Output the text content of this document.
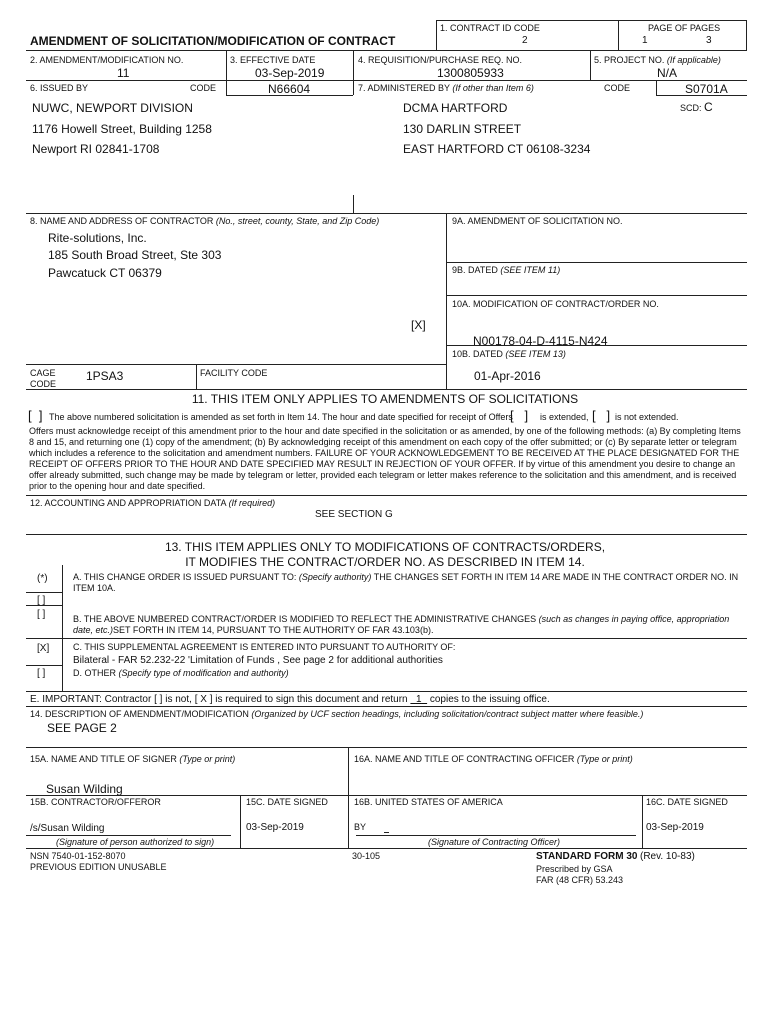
AMENDMENT OF SOLICITATION/MODIFICATION OF CONTRACT
1. CONTRACT ID CODE
2
PAGE OF PAGES
1	3
2. AMENDMENT/MODIFICATION NO.
11
3. EFFECTIVE DATE
03-Sep-2019
4. REQUISITION/PURCHASE REQ. NO.
1300805933
5. PROJECT NO. (If applicable)
N/A
6. ISSUED BY	CODE	N66604	7. ADMINISTERED BY (If other than Item 6)	CODE	S0701A
SCD: C
NUWC, NEWPORT DIVISION
1176 Howell Street, Building 1258
Newport RI 02841-1708
DCMA HARTFORD
130 DARLIN STREET
EAST HARTFORD CT 06108-3234
8. NAME AND ADDRESS OF CONTRACTOR (No., street, county, State, and Zip Code)
Rite-solutions, Inc.
185 South Broad Street, Ste 303
Pawcatuck CT 06379
CAGE
CODE
1PSA3	FACILITY CODE
9A. AMENDMENT OF SOLICITATION NO.
9B. DATED (SEE ITEM 11)
10A. MODIFICATION OF CONTRACT/ORDER NO.
[X]
N00178-04-D-4115-N424
10B. DATED (SEE ITEM 13)
01-Apr-2016
11. THIS ITEM ONLY APPLIES TO AMENDMENTS OF SOLICITATIONS
[  ] The above numbered solicitation is amended as set forth in Item 14. The hour and date specified for receipt of Offers
[   ] is extended, [   ] is not extended.
Offers must acknowledge receipt of this amendment prior to the hour and date specified in the solicitation or as amended, by one of the following methods: (a) By completing Items 8 and 15, and returning one (1) copy of the amendment; (b) By acknowledging receipt of this amendment on each copy of the offer submitted; or (c) By separate letter or telegram which includes a reference to the solicitation and amendment numbers. FAILURE OF YOUR ACKNOWLEDGEMENT TO BE RECEIVED AT THE PLACE DESIGNATED FOR THE RECEIPT OF OFFERS PRIOR TO THE HOUR AND DATE SPECIFIED MAY RESULT IN REJECTION OF YOUR OFFER. If by virtue of this amendment you desire to change an offer already submitted, such change may be made by telegram or letter, provided each telegram or letter makes reference to the solicitation and this amendment, and is received prior to the opening hour and date specified.
12. ACCOUNTING AND APPROPRIATION DATA (If required)
SEE SECTION G
13. THIS ITEM APPLIES ONLY TO MODIFICATIONS OF CONTRACTS/ORDERS,
IT MODIFIES THE CONTRACT/ORDER NO. AS DESCRIBED IN ITEM 14.
(*)	A. THIS CHANGE ORDER IS ISSUED PURSUANT TO: (Specify authority) THE CHANGES SET FORTH IN ITEM 14 ARE MADE IN THE CONTRACT ORDER NO. IN
ITEM 10A.
[ ]
[ ]	B. THE ABOVE NUMBERED CONTRACT/ORDER IS MODIFIED TO REFLECT THE ADMINISTRATIVE CHANGES (such as changes in paying office, appropriation
date, etc.)SET FORTH IN ITEM 14, PURSUANT TO THE AUTHORITY OF FAR 43.103(b).
[X]	C. THIS SUPPLEMENTAL AGREEMENT IS ENTERED INTO PURSUANT TO AUTHORITY OF:
Bilateral - FAR 52.232-22 'Limitation of Funds , See page 2 for additional authorities
[ ]	D. OTHER (Specify type of modification and authority)
E. IMPORTANT: Contractor [ ] is not, [ X ] is required to sign this document and return 1 copies to the issuing office.
14. DESCRIPTION OF AMENDMENT/MODIFICATION (Organized by UCF section headings, including solicitation/contract subject matter where feasible.)
SEE PAGE 2
15A. NAME AND TITLE OF SIGNER (Type or print)	16A. NAME AND TITLE OF CONTRACTING OFFICER (Type or print)
Susan Wilding
15B. CONTRACTOR/OFFEROR	15C. DATE SIGNED	16B. UNITED STATES OF AMERICA	16C. DATE SIGNED
/s/Susan Wilding	03-Sep-2019	BY	03-Sep-2019
(Signature of person authorized to sign)	(Signature of Contracting Officer)
NSN 7540-01-152-8070
PREVIOUS EDITION UNUSABLE
30-105	STANDARD FORM 30 (Rev. 10-83)
Prescribed by GSA
FAR (48 CFR) 53.243
